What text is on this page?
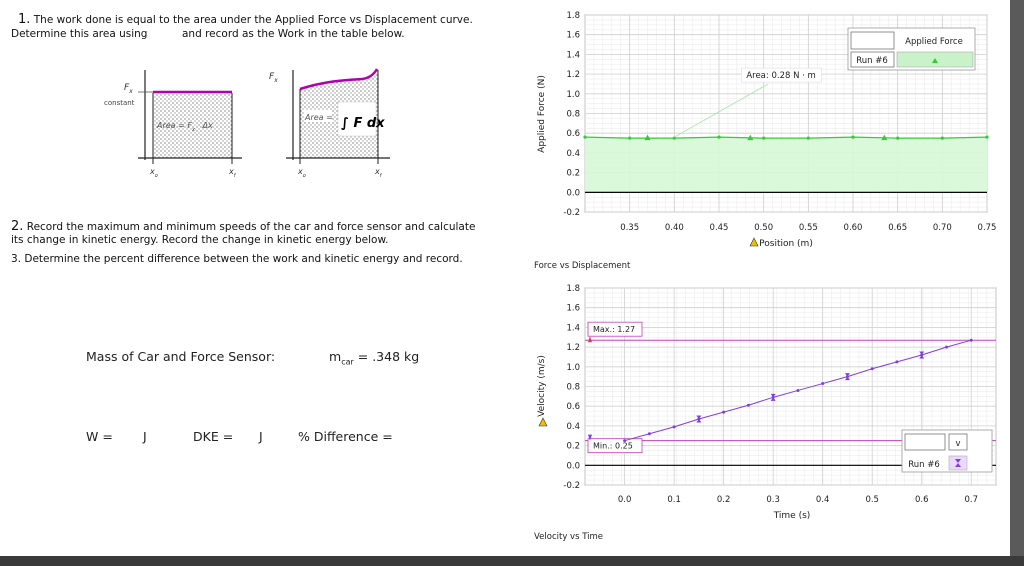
1. The work done is equal to the area under the Applied Force vs Displacement curve.
Determine this area using	and record as the Work in the table below.
$F_x$
constant
Area = $F_x \cdot \Delta x$
$x_o$	$x_f$
$F_x$
Area = ∫ F dx
$x_o$	$x_f$
2. Record the maximum and minimum speeds of the car and force sensor and calculate
its change in kinetic energy. Record the change in kinetic energy below.
3. Determine the percent difference between the work and kinetic energy and record.
Mass of Car and Force Sensor:	$m_{car} = .348$ kg
W = J	DKE = J	% Difference =
1.8
1.6
1.4
1.2
1.0
0.8
0.6
0.4
0.2
0.0
-0.2
0.35	0.40	0.45	0.50	0.55	0.60	0.65	0.70	0.75
Area: 0.28 N · m
Applied Force
Run #6
Position (m)
Applied Force (N)
Force vs Displacement
1.8
1.6
1.4
1.2
1.0
0.8
0.6
0.4
0.2
0.0
-0.2
0.0	0.1	0.2	0.3	0.4	0.5	0.6	0.7
Max.: 1.27
Min.: 0.25	v
Run #6
Time (s)
Velocity (m/s)
Velocity vs Time
